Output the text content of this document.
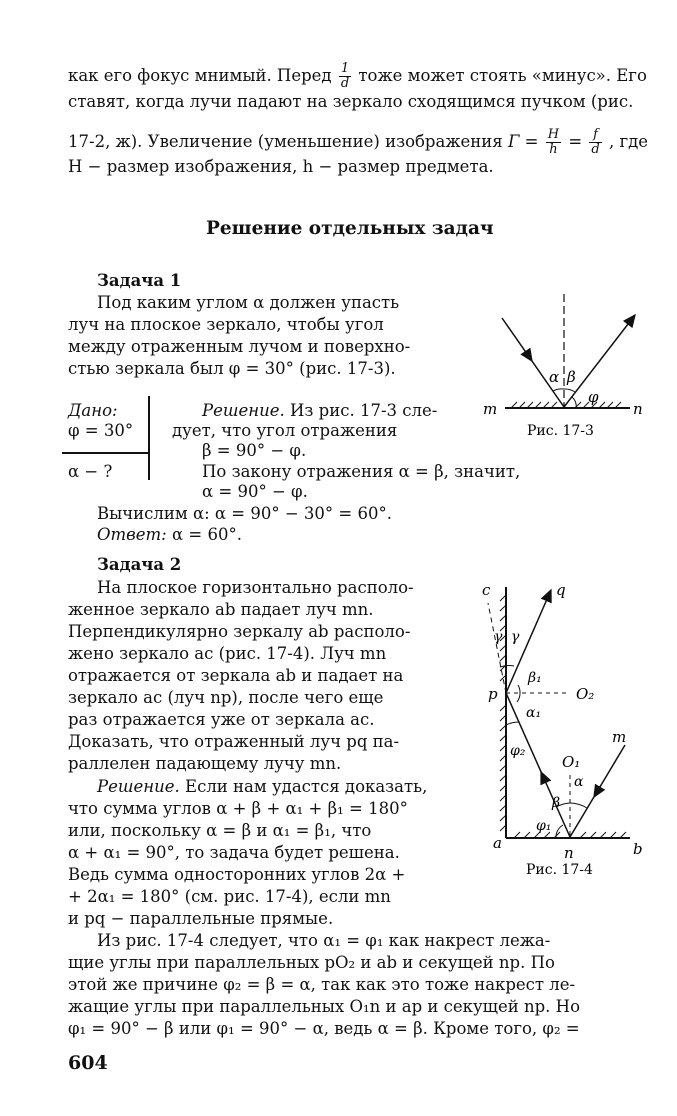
как его фокус мнимый. Перед $\frac{1}{d}$ тоже может стоять «минус». Его
ставят, когда лучи падают на зеркало сходящимся пучком (рис.
17-2, ж). Увеличение (уменьшение) изображения $\Gamma = \frac{H}{h} = \frac{f}{d}$ , где
H − размер изображения, h − размер предмета.
Решение отдельных задач
Задача 1
Под каким углом α должен упасть
луч на плоское зеркало, чтобы угол
между отраженным лучом и поверхно-
стью зеркала был φ = 30° (рис. 17-3).
Дано:
φ = 30°
α − ?
Решение. Из рис. 17-3 сле-
дует, что угол отражения
β = 90° − φ.
По закону отражения α = β, значит,
α = 90° − φ.
Вычислим α: α = 90° − 30° = 60°.
Ответ: α = 60°.
α β
φ
m	n
Рис. 17-3
Задача 2
На плоское горизонтально располо-
женное зеркало ab падает луч mn.
Перпендикулярно зеркалу ab располо-
жено зеркало ac (рис. 17-4). Луч mn
отражается от зеркала ab и падает на
зеркало ac (луч np), после чего еще
раз отражается уже от зеркала ac.
Доказать, что отраженный луч pq па-
раллелен падающему лучу mn.
Решение. Если нам удастся доказать,
что сумма углов α + β + α₁ + β₁ = 180°
или, поскольку α = β и α₁ = β₁, что
α + α₁ = 90°, то задача будет решена.
Ведь сумма односторонних углов 2α +
+ 2α₁ = 180° (см. рис. 17-4), если mn
и pq − параллельные прямые.
Из рис. 17-4 следует, что α₁ = φ₁ как накрест лежа-
щие углы при параллельных pO₂ и ab и секущей np. По
этой же причине φ₂ = β = α, так как это тоже накрест ле-
жащие углы при параллельных O₁n и ap и секущей np. Но
φ₁ = 90° − β или φ₁ = 90° − α, ведь α = β. Кроме того, φ₂ =
c	q
γ γ
β₁
p	O₂
α₁
O₁
m
φ₂
β
α
φ₁
a
n	b
Рис. 17-4
604
